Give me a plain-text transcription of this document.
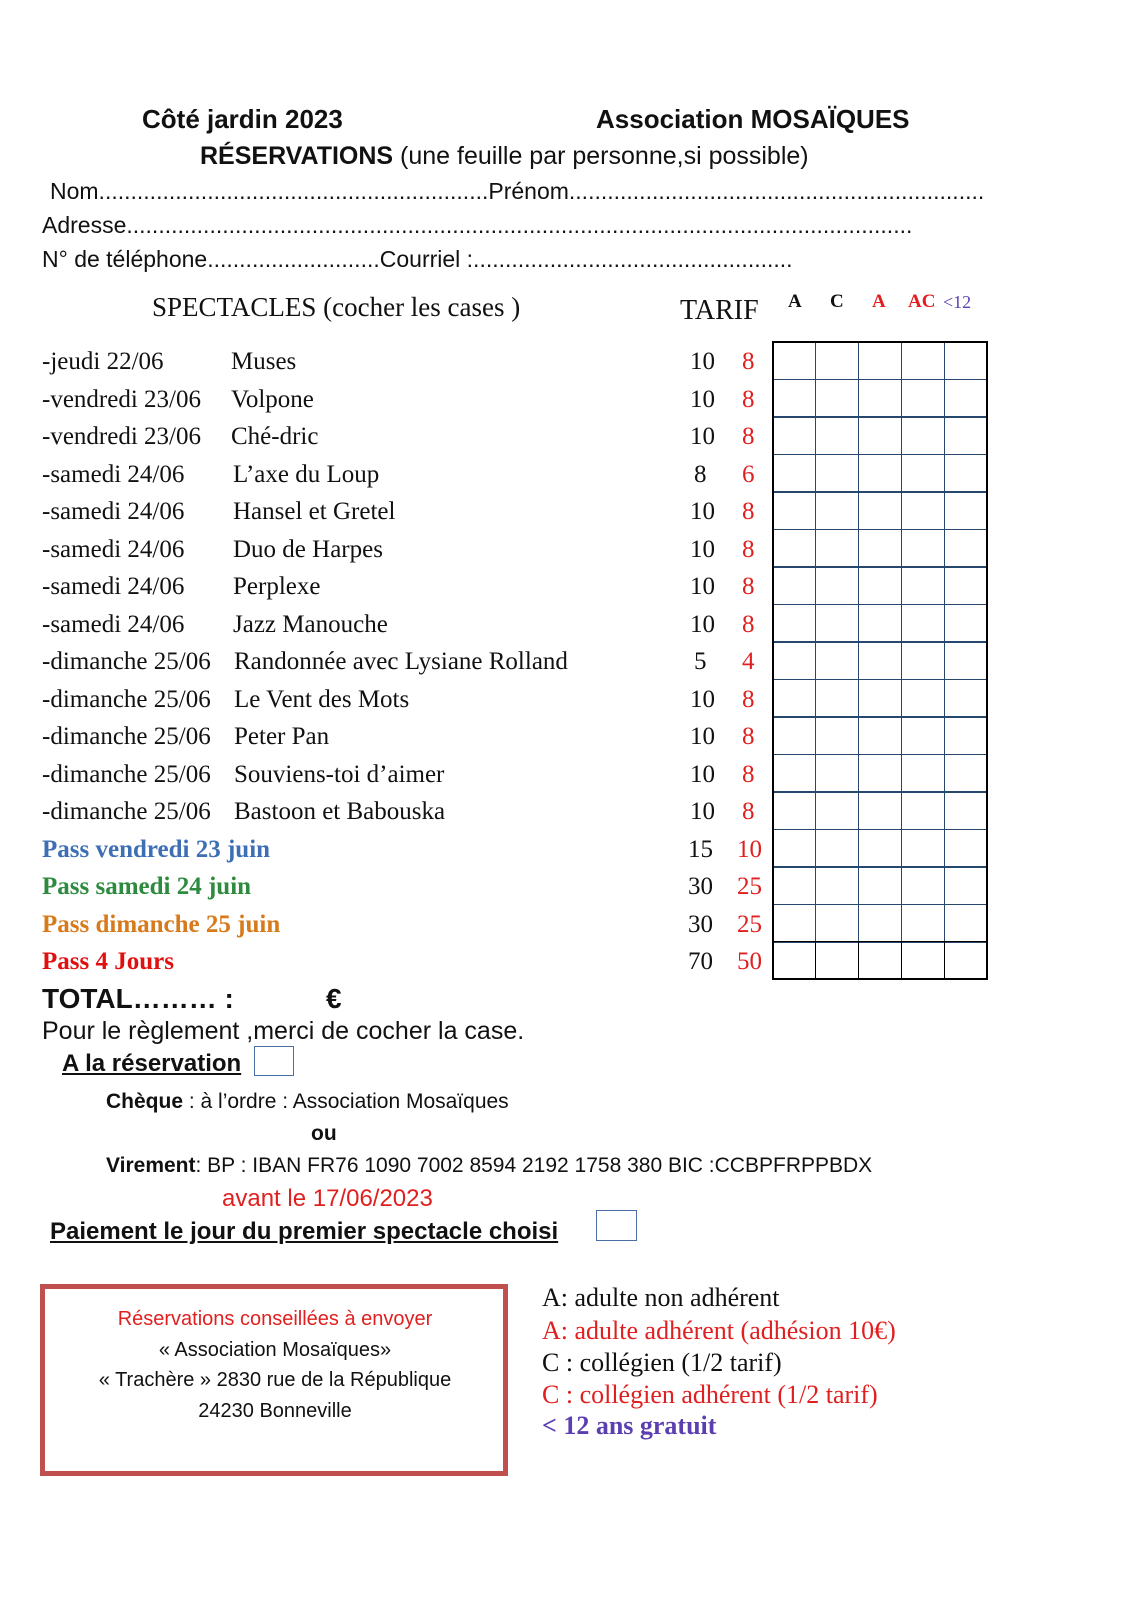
Côté jardin 2023	Association MOSAÏQUES
RÉSERVATIONS (une feuille par personne,si possible)
Nom.............................................................Prénom.................................................................
Adresse...........................................................................................................................
N° de téléphone...........................Courriel :..................................................
SPECTACLES (cocher les cases )	TARIF A C A AC <12
-jeudi 22/06	Muses	10 8
-vendredi 23/06 Volpone	10 8
-vendredi 23/06 Ché-dric	10 8
-samedi 24/06 L’axe du Loup	8 6
-samedi 24/06 Hansel et Gretel	10 8
-samedi 24/06 Duo de Harpes	10 8
-samedi 24/06 Perplexe	10 8
-samedi 24/06 Jazz Manouche	10 8
-dimanche 25/06 Randonnée avec Lysiane Rolland	5 4
-dimanche 25/06 Le Vent des Mots	10 8
-dimanche 25/06 Peter Pan	10 8
-dimanche 25/06 Souviens-toi d’aimer	10 8
-dimanche 25/06 Bastoon et Babouska	10 8
Pass vendredi 23 juin	15 10
Pass samedi 24 juin	30 25
Pass dimanche 25 juin	30 25
Pass 4 Jours	70 50
TOTAL……… :	€
Pour le règlement ,merci de cocher la case.
A la réservation
Chèque : à l’ordre : Association Mosaïques
ou
Virement: BP : IBAN FR76 1090 7002 8594 2192 1758 380 BIC :CCBPFRPPBDX
avant le 17/06/2023
Paiement le jour du premier spectacle choisi
Réservations conseillées à envoyer
« Association Mosaïques»
« Trachère » 2830 rue de la République
24230 Bonneville
A: adulte non adhérent
A: adulte adhérent (adhésion 10€)
C : collégien (1/2 tarif)
C : collégien adhérent (1/2 tarif)
< 12 ans gratuit
